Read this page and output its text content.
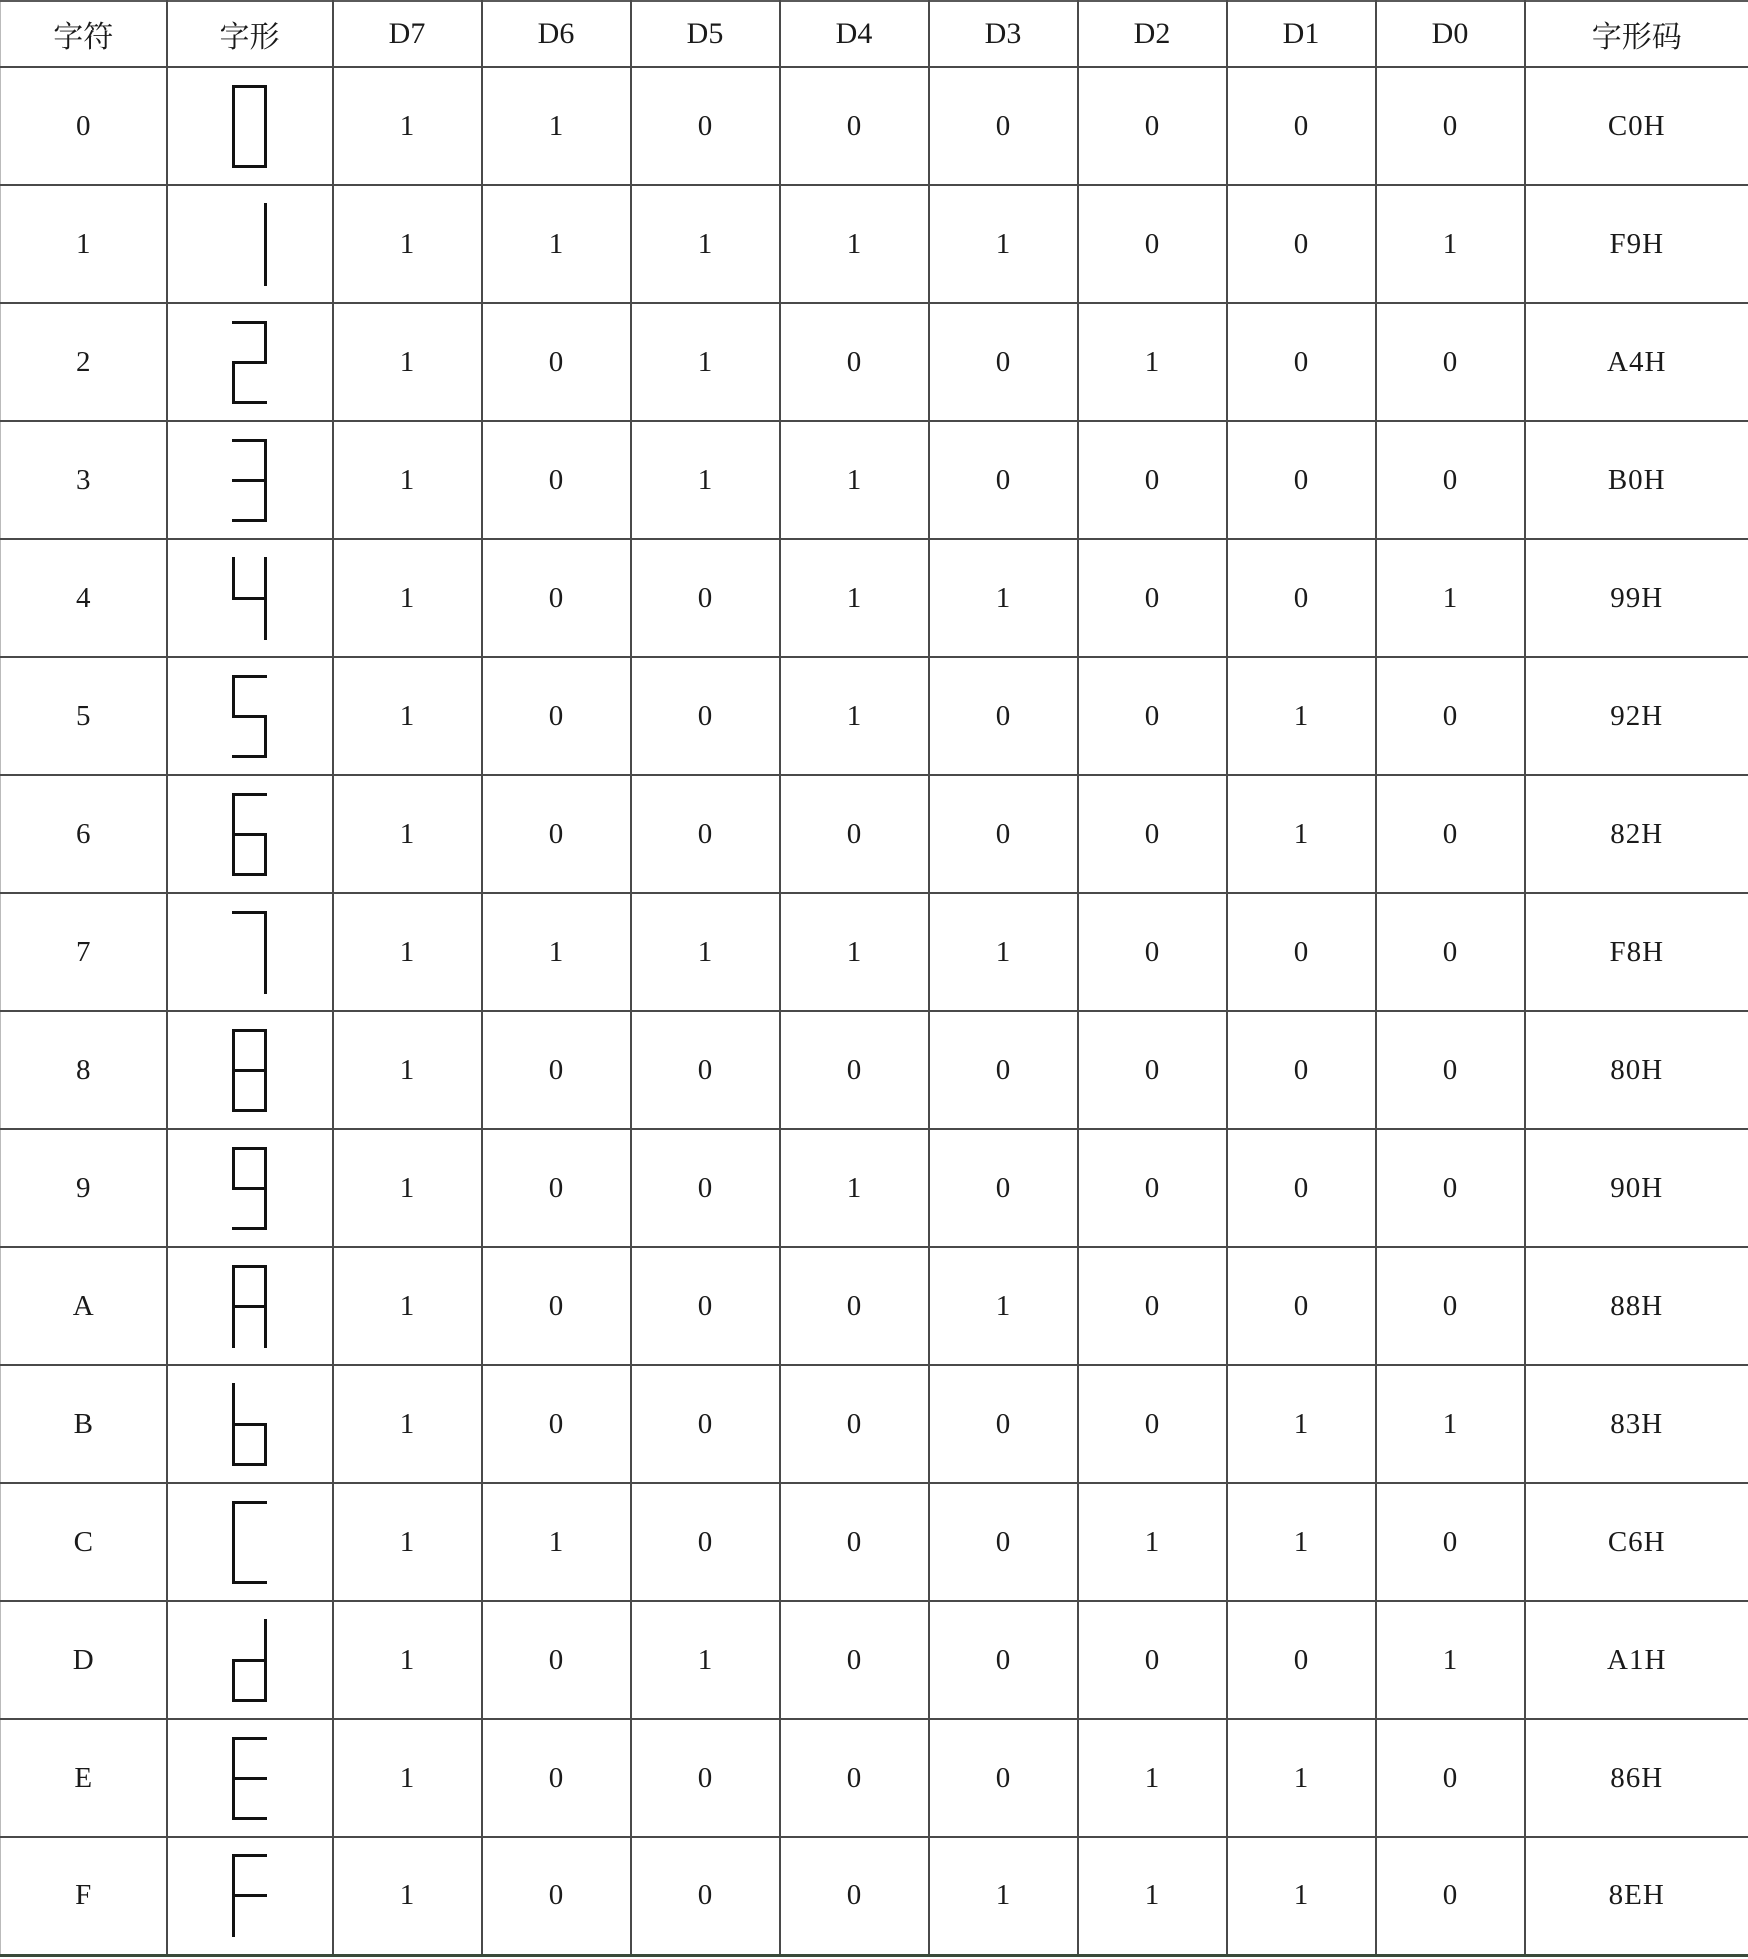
字符	字形	D7	D6	D5	D4	D3	D2	D1	D0	字形码
0		1	1	0	0	0	0	0	0	C0H
1		1	1	1	1	1	0	0	1	F9H
2		1	0	1	0	0	1	0	0	A4H
3		1	0	1	1	0	0	0	0	B0H
4		1	0	0	1	1	0	0	1	99H
5		1	0	0	1	0	0	1	0	92H
6		1	0	0	0	0	0	1	0	82H
7		1	1	1	1	1	0	0	0	F8H
8		1	0	0	0	0	0	0	0	80H
9		1	0	0	1	0	0	0	0	90H
A		1	0	0	0	1	0	0	0	88H
B		1	0	0	0	0	0	1	1	83H
C		1	1	0	0	0	1	1	0	C6H
D		1	0	1	0	0	0	0	1	A1H
E		1	0	0	0	0	1	1	0	86H
F		1	0	0	0	1	1	1	0	8EH
